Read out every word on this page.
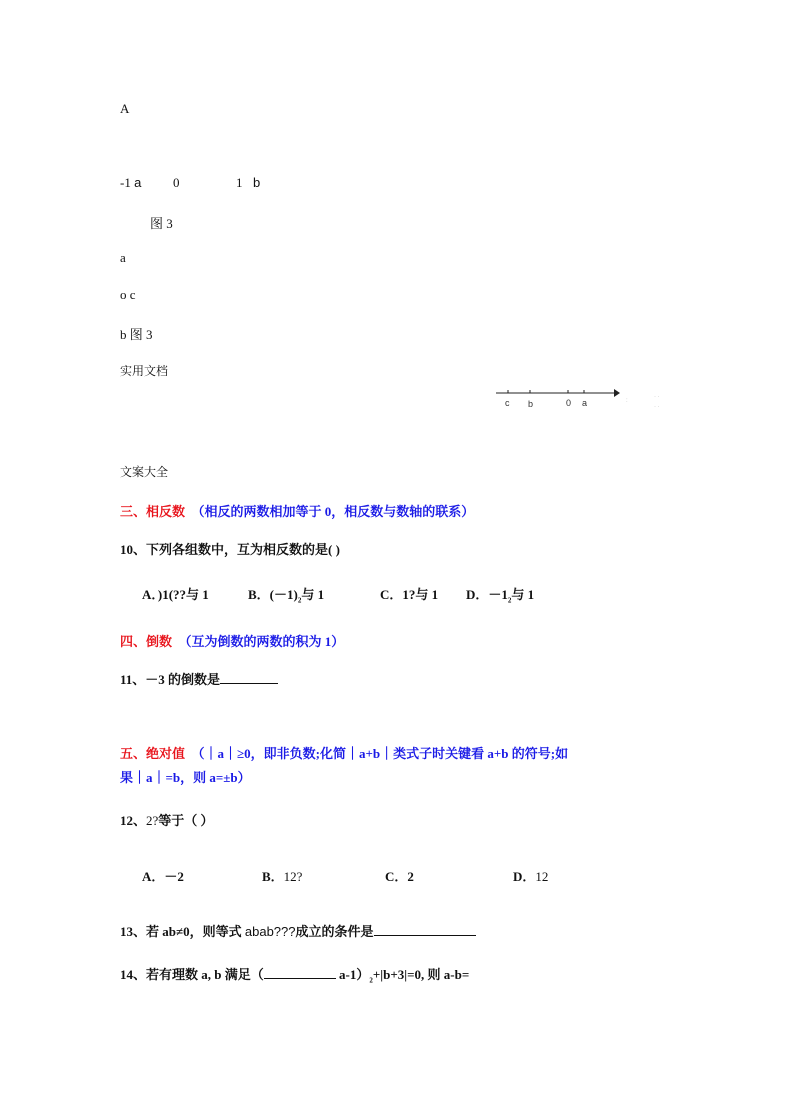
A
-1 a 0	1 b
图 3
a
o c
b 图 3
实用文档
c b	0 a	:
· ·
· ·
文案大全
三、相反数 （相反的两数相加等于 0，相反数与数轴的联系）
10、下列各组数中，互为相反数的是( )
A．)1(??与 1	B．$(-1)_2$与 1	C．1?与 1 D．$-1_2$与 1
四、倒数 （互为倒数的两数的积为 1）
11、－3 的倒数是
五、绝对值 （｜a｜≥0，即非负数;化简｜a+b｜类式子时关键看 a+b 的符号;如
果｜a｜=b，则 a=±b）
12、2?等于（ ）
A．－2	B．12?	C．2	D．12
13、若 ab≠0，则等式 abab???成立的条件是
14、若有理数 a, b 满足（	$a-1)_2+|b+3|=0$, 则 a-b=
